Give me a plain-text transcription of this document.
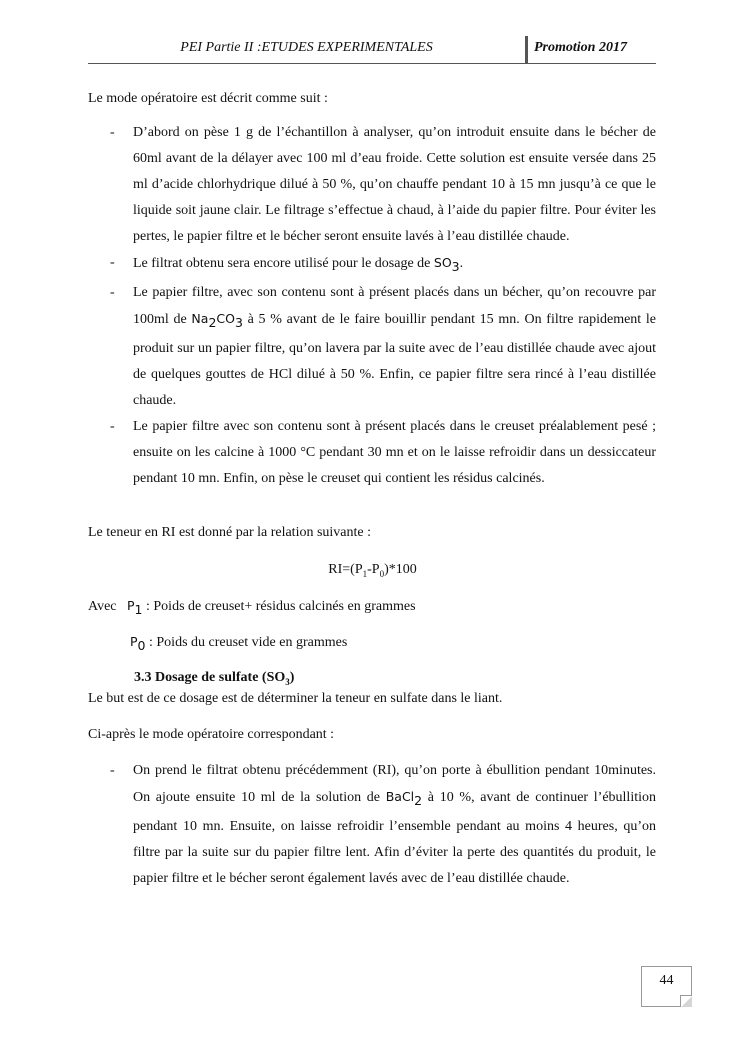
PEI Partie II :ETUDES EXPERIMENTALES	Promotion 2017
Le mode opératoire est décrit comme suit :
- D’abord on pèse 1 g de l’échantillon à analyser, qu’on introduit ensuite dans le bécher de 60ml avant de la délayer avec 100 ml d’eau froide. Cette solution est ensuite versée dans 25 ml d’acide chlorhydrique dilué à 50 %, qu’on chauffe pendant 10 à 15 mn jusqu’à ce que le liquide soit jaune clair. Le filtrage s’effectue à chaud, à l’aide du papier filtre. Pour éviter les pertes, le papier filtre et le bécher seront ensuite lavés à l’eau distillée chaude.
- Le filtrat obtenu sera encore utilisé pour le dosage de $SO_3$.
- Le papier filtre, avec son contenu sont à présent placés dans un bécher, qu’on recouvre par 100ml de $Na_2CO_3$ à 5 % avant de le faire bouillir pendant 15 mn. On filtre rapidement le produit sur un papier filtre, qu’on lavera par la suite avec de l’eau distillée chaude avec ajout de quelques gouttes de HCl dilué à 50 %. Enfin, ce papier filtre sera rincé à l’eau distillée chaude.
- Le papier filtre avec son contenu sont à présent placés dans le creuset préalablement pesé ; ensuite on les calcine à 1000 °C pendant 30 mn et on le laisse refroidir dans un dessiccateur pendant 10 mn. Enfin, on pèse le creuset qui contient les résidus calcinés.
Le teneur en RI est donné par la relation suivante :
$RI=(P_1-P_0)*100$
Avec $P_1$ : Poids de creuset+ résidus calcinés en grammes
$P_0$ : Poids du creuset vide en grammes
3.3 Dosage de sulfate $(SO_3)$
Le but est de ce dosage est de déterminer la teneur en sulfate dans le liant.
Ci-après le mode opératoire correspondant :
- On prend le filtrat obtenu précédemment (RI), qu’on porte à ébullition pendant 10minutes. On ajoute ensuite 10 ml de la solution de BaCl$_2$ à 10 %, avant de continuer l’ébullition pendant 10 mn. Ensuite, on laisse refroidir l’ensemble pendant au moins 4 heures, qu’on filtre par la suite sur du papier filtre lent. Afin d’éviter la perte des quantités du produit, le papier filtre et le bécher seront également lavés avec de l’eau distillée chaude.
44
